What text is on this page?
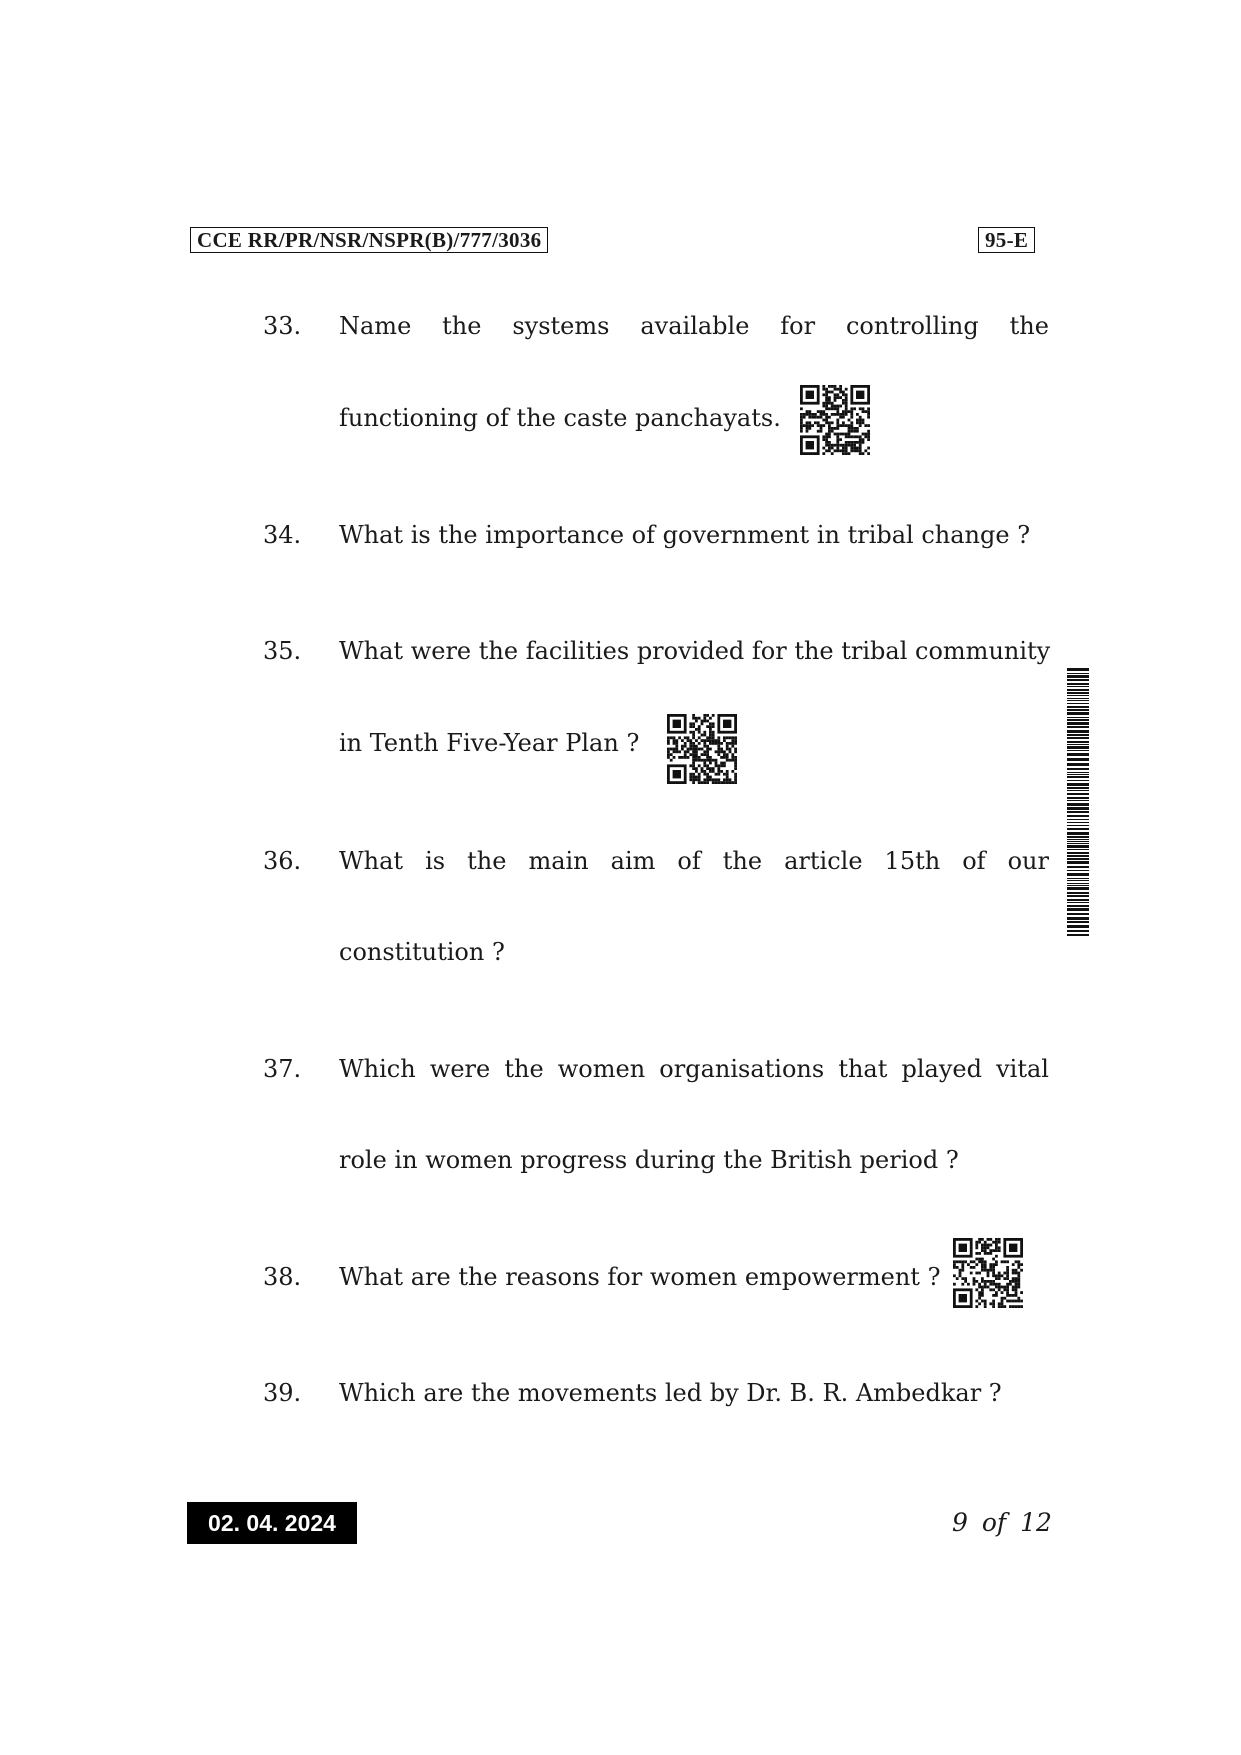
CCE RR/PR/NSR/NSPR(B)/777/3036	95-E
33. Name the systems available for controlling the
functioning of the caste panchayats.
34. What is the importance of government in tribal change ?
35. What were the facilities provided for the tribal community
in Tenth Five-Year Plan ?
36. What is the main aim of the article 15th of our
constitution ?
37. Which were the women organisations that played vital
role in women progress during the British period ?
38. What are the reasons for women empowerment ?
39. Which are the movements led by Dr. B. R. Ambedkar ?
02. 04. 2024	9 of 12
